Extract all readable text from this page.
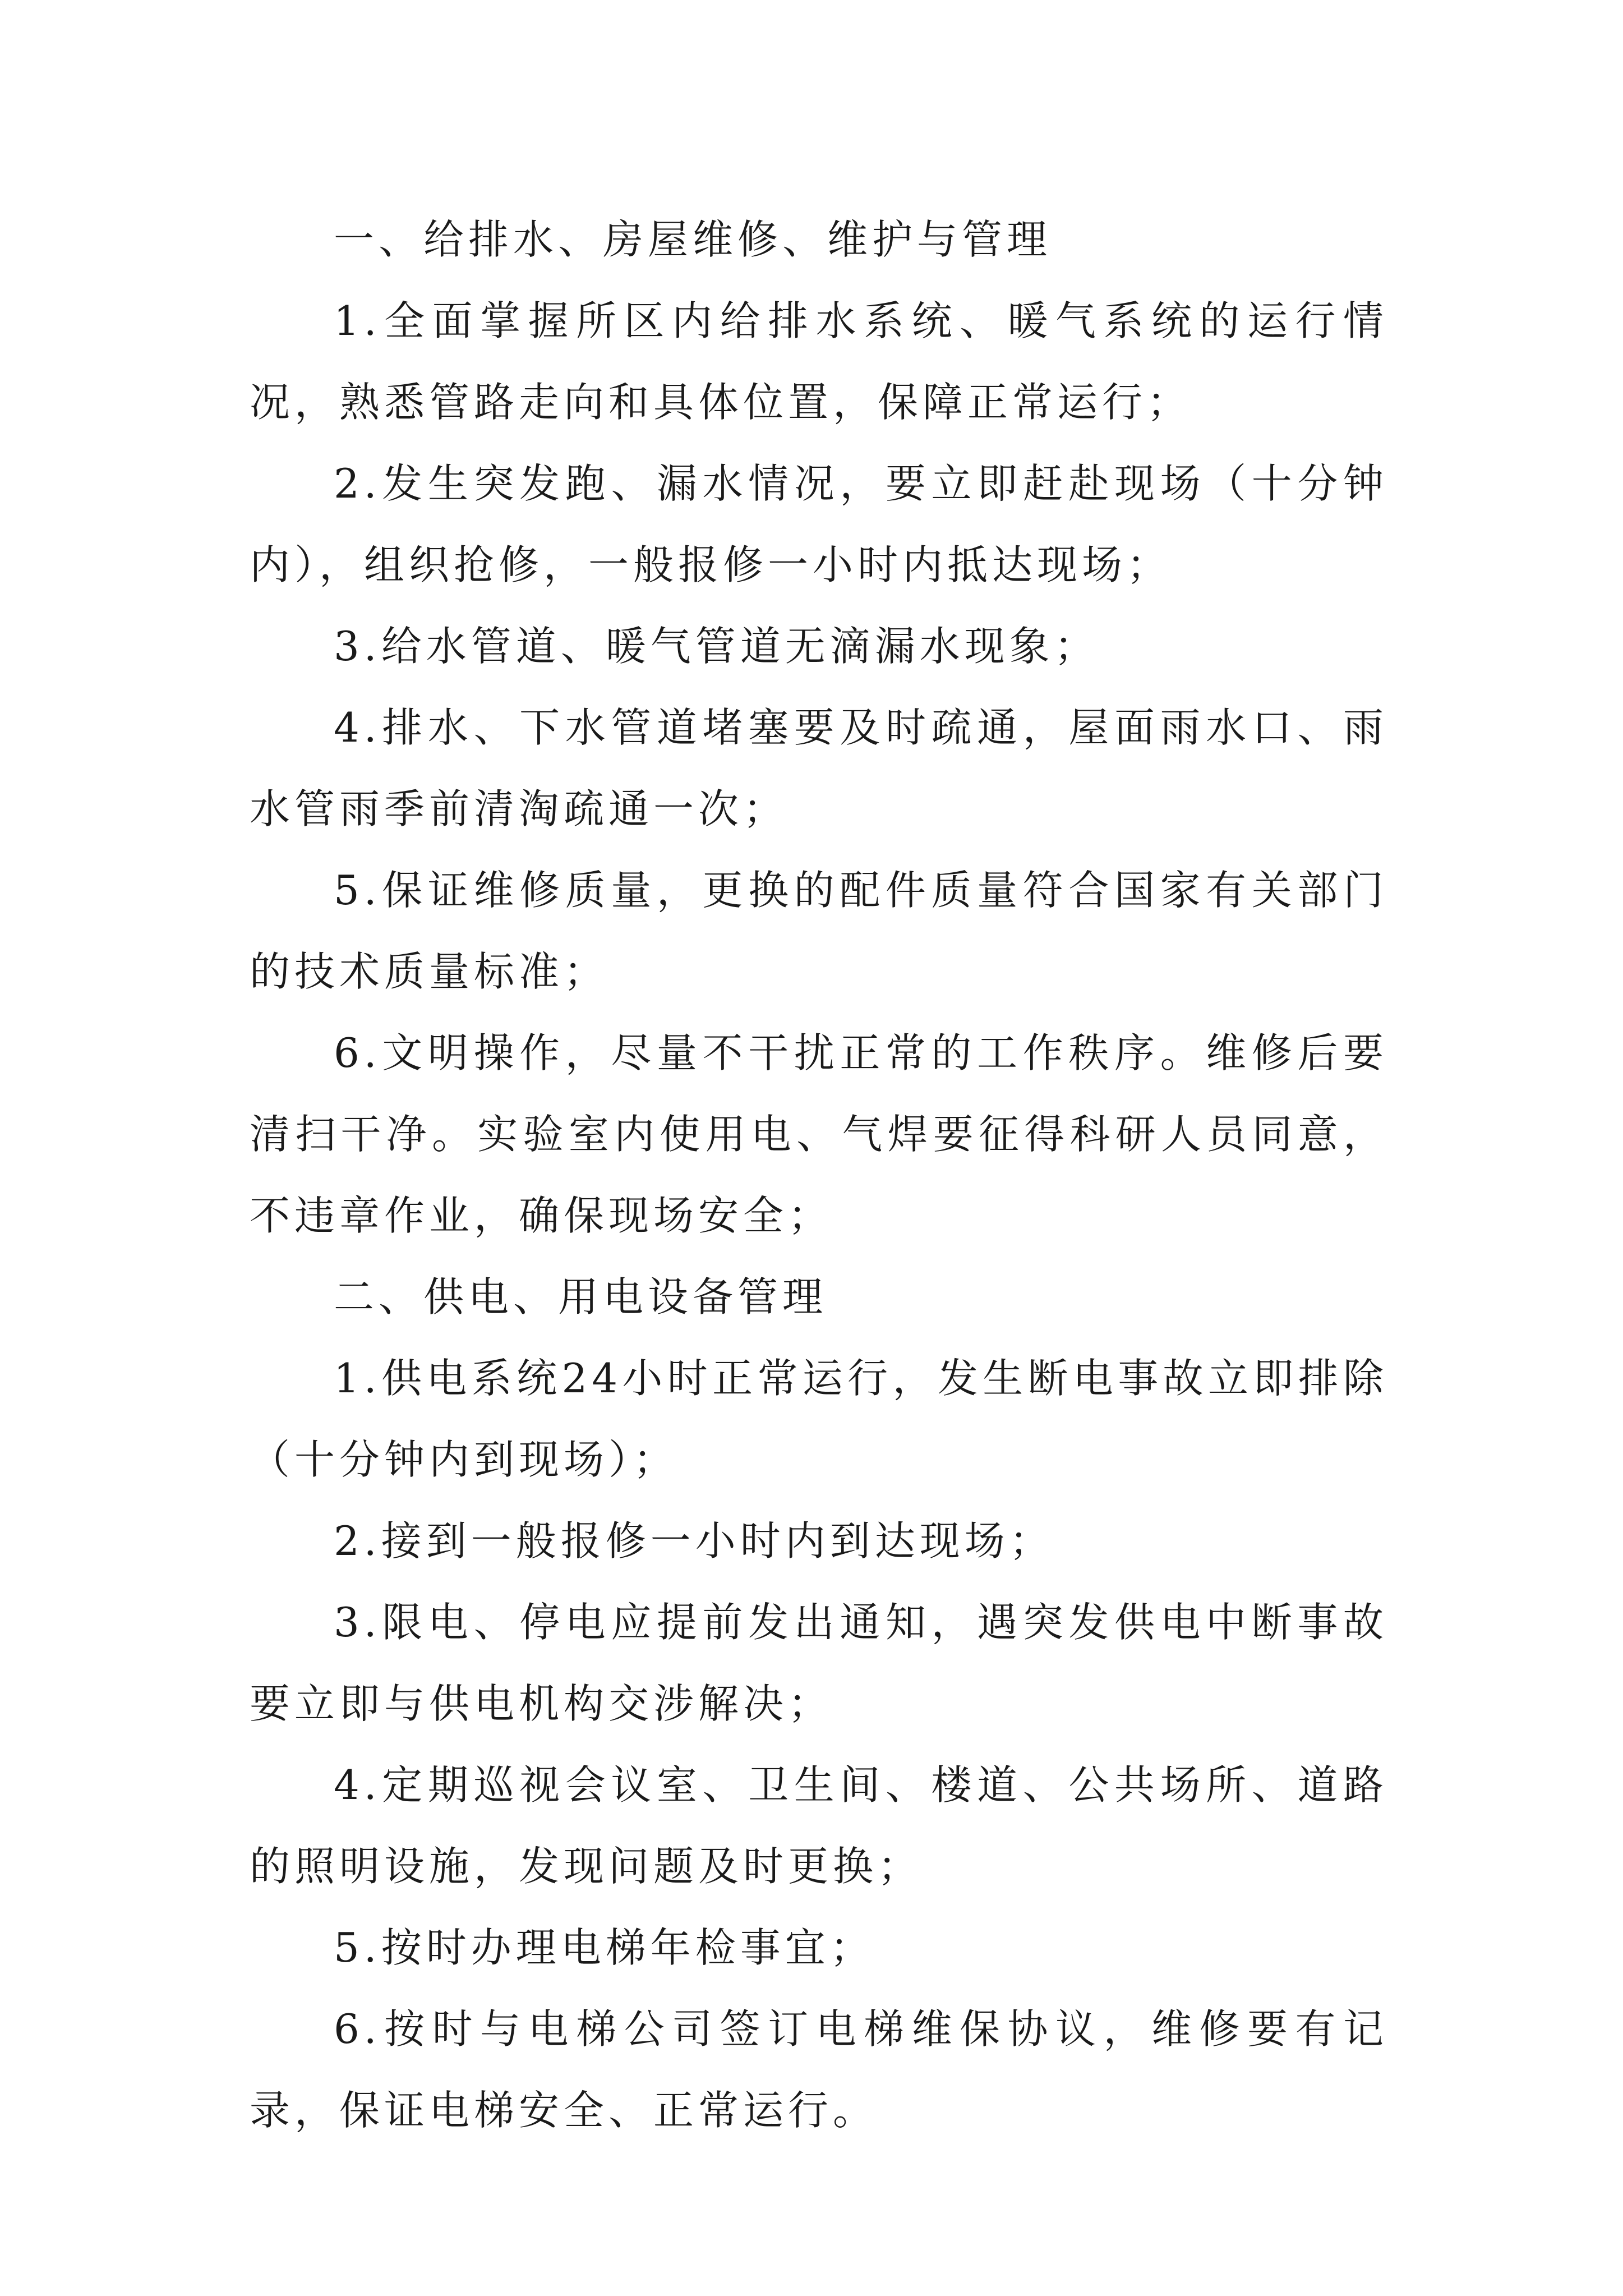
一、给排水、房屋维修、维护与管理

1.全面掌握所区内给排水系统、暖气系统的运行情况，熟悉管路走向和具体位置，保障正常运行；

2.发生突发跑、漏水情况，要立即赶赴现场（十分钟内），组织抢修，一般报修一小时内抵达现场；

3.给水管道、暖气管道无滴漏水现象；

4.排水、下水管道堵塞要及时疏通，屋面雨水口、雨水管雨季前清淘疏通一次；

5.保证维修质量，更换的配件质量符合国家有关部门的技术质量标准；

6.文明操作，尽量不干扰正常的工作秩序。维修后要清扫干净。实验室内使用电、气焊要征得科研人员同意，不违章作业，确保现场安全；

二、供电、用电设备管理

1.供电系统24小时正常运行，发生断电事故立即排除（十分钟内到现场）；

2.接到一般报修一小时内到达现场；

3.限电、停电应提前发出通知，遇突发供电中断事故要立即与供电机构交涉解决；

4.定期巡视会议室、卫生间、楼道、公共场所、道路的照明设施，发现问题及时更换；

5.按时办理电梯年检事宜；

6.按时与电梯公司签订电梯维保协议，维修要有记录，保证电梯安全、正常运行。
